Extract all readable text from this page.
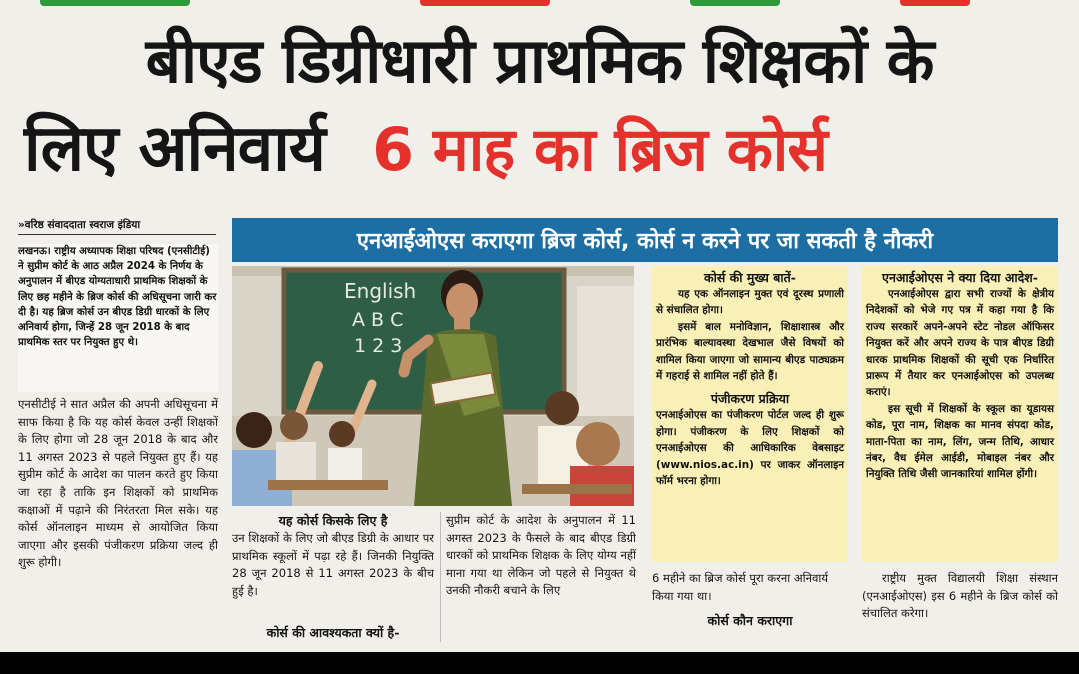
बीएड डिग्रीधारी प्राथमिक शिक्षकों के
लिए अनिवार्य 6 माह का ब्रिज कोर्स
»वरिष्ठ संवाददाता स्वराज इंडिया
एनआईओएस कराएगा ब्रिज कोर्स, कोर्स न करने पर जा सकती है नौकरी
लखनऊ। राष्ट्रीय अध्यापक शिक्षा परिषद (एनसीटीई) ने सुप्रीम कोर्ट के आठ अप्रैल 2024 के निर्णय के अनुपालन में बीएड योग्यताधारी प्राथमिक शिक्षकों के लिए छह महीने के ब्रिज कोर्स की अधिसूचना जारी कर दी है। यह ब्रिज कोर्स उन बीएड डिग्री धारकों के लिए अनिवार्य होगा, जिन्हें 28 जून 2018 के बाद प्राथमिक स्तर पर नियुक्त हुए थे।
एनसीटीई ने सात अप्रैल की अपनी अधिसूचना में साफ किया है कि यह कोर्स केवल उन्हीं शिक्षकों के लिए होगा जो 28 जून 2018 के बाद और 11 अगस्त 2023 से पहले नियुक्त हुए हैं। यह सुप्रीम कोर्ट के आदेश का पालन करते हुए किया जा रहा है ताकि इन शिक्षकों को प्राथमिक कक्षाओं में पढ़ाने की निरंतरता मिल सके। यह कोर्स ऑनलाइन माध्यम से आयोजित किया जाएगा और इसकी पंजीकरण प्रक्रिया जल्द ही शुरू होगी।
English
A B C
1 2 3
यह कोर्स किसके लिए है
उन शिक्षकों के लिए जो बीएड डिग्री के आधार पर प्राथमिक स्कूलों में पढ़ा रहे हैं। जिनकी नियुक्ति 28 जून 2018 से 11 अगस्त 2023 के बीच हुई है।
कोर्स की आवश्यकता क्यों है-
सुप्रीम कोर्ट के आदेश के अनुपालन में 11 अगस्त 2023 के फैसले के बाद बीएड डिग्री धारकों को प्राथमिक शिक्षक के लिए योग्य नहीं माना गया था लेकिन जो पहले से नियुक्त थे उनकी नौकरी बचाने के लिए
कोर्स की मुख्य बातें-

यह एक ऑनलाइन मुक्त एवं दूरस्थ प्रणाली से संचालित होगा।

इसमें बाल मनोविज्ञान, शिक्षाशास्त्र और प्रारंभिक बाल्यावस्था देखभाल जैसे विषयों को शामिल किया जाएगा जो सामान्य बीएड पाठ्यक्रम में गहराई से शामिल नहीं होते हैं।

पंजीकरण प्रक्रिया

एनआईओएस का पंजीकरण पोर्टल जल्द ही शुरू होगा। पंजीकरण के लिए शिक्षकों को एनआईओएस की आधिकारिक वेबसाइट (www.nios.ac.in) पर जाकर ऑनलाइन फॉर्म भरना होगा।

एनआईओएस ने क्या दिया आदेश-

एनआईओएस द्वारा सभी राज्यों के क्षेत्रीय निदेशकों को भेजे गए पत्र में कहा गया है कि राज्य सरकारें अपने-अपने स्टेट नोडल ऑफिसर नियुक्त करें और अपने राज्य के पात्र बीएड डिग्री धारक प्राथमिक शिक्षकों की सूची एक निर्धारित प्रारूप में तैयार कर एनआईओएस को उपलब्ध कराएं।

इस सूची में शिक्षकों के स्कूल का यूडायस कोड, पूरा नाम, शिक्षक का मानव संपदा कोड, माता-पिता का नाम, लिंग, जन्म तिथि, आधार नंबर, वैध ईमेल आईडी, मोबाइल नंबर और नियुक्ति तिथि जैसी जानकारियां शामिल होंगी।

6 महीने का ब्रिज कोर्स पूरा करना अनिवार्य किया गया था।
कोर्स कौन कराएगा
राष्ट्रीय मुक्त विद्यालयी शिक्षा संस्थान (एनआईओएस) इस 6 महीने के ब्रिज कोर्स को संचालित करेगा।
